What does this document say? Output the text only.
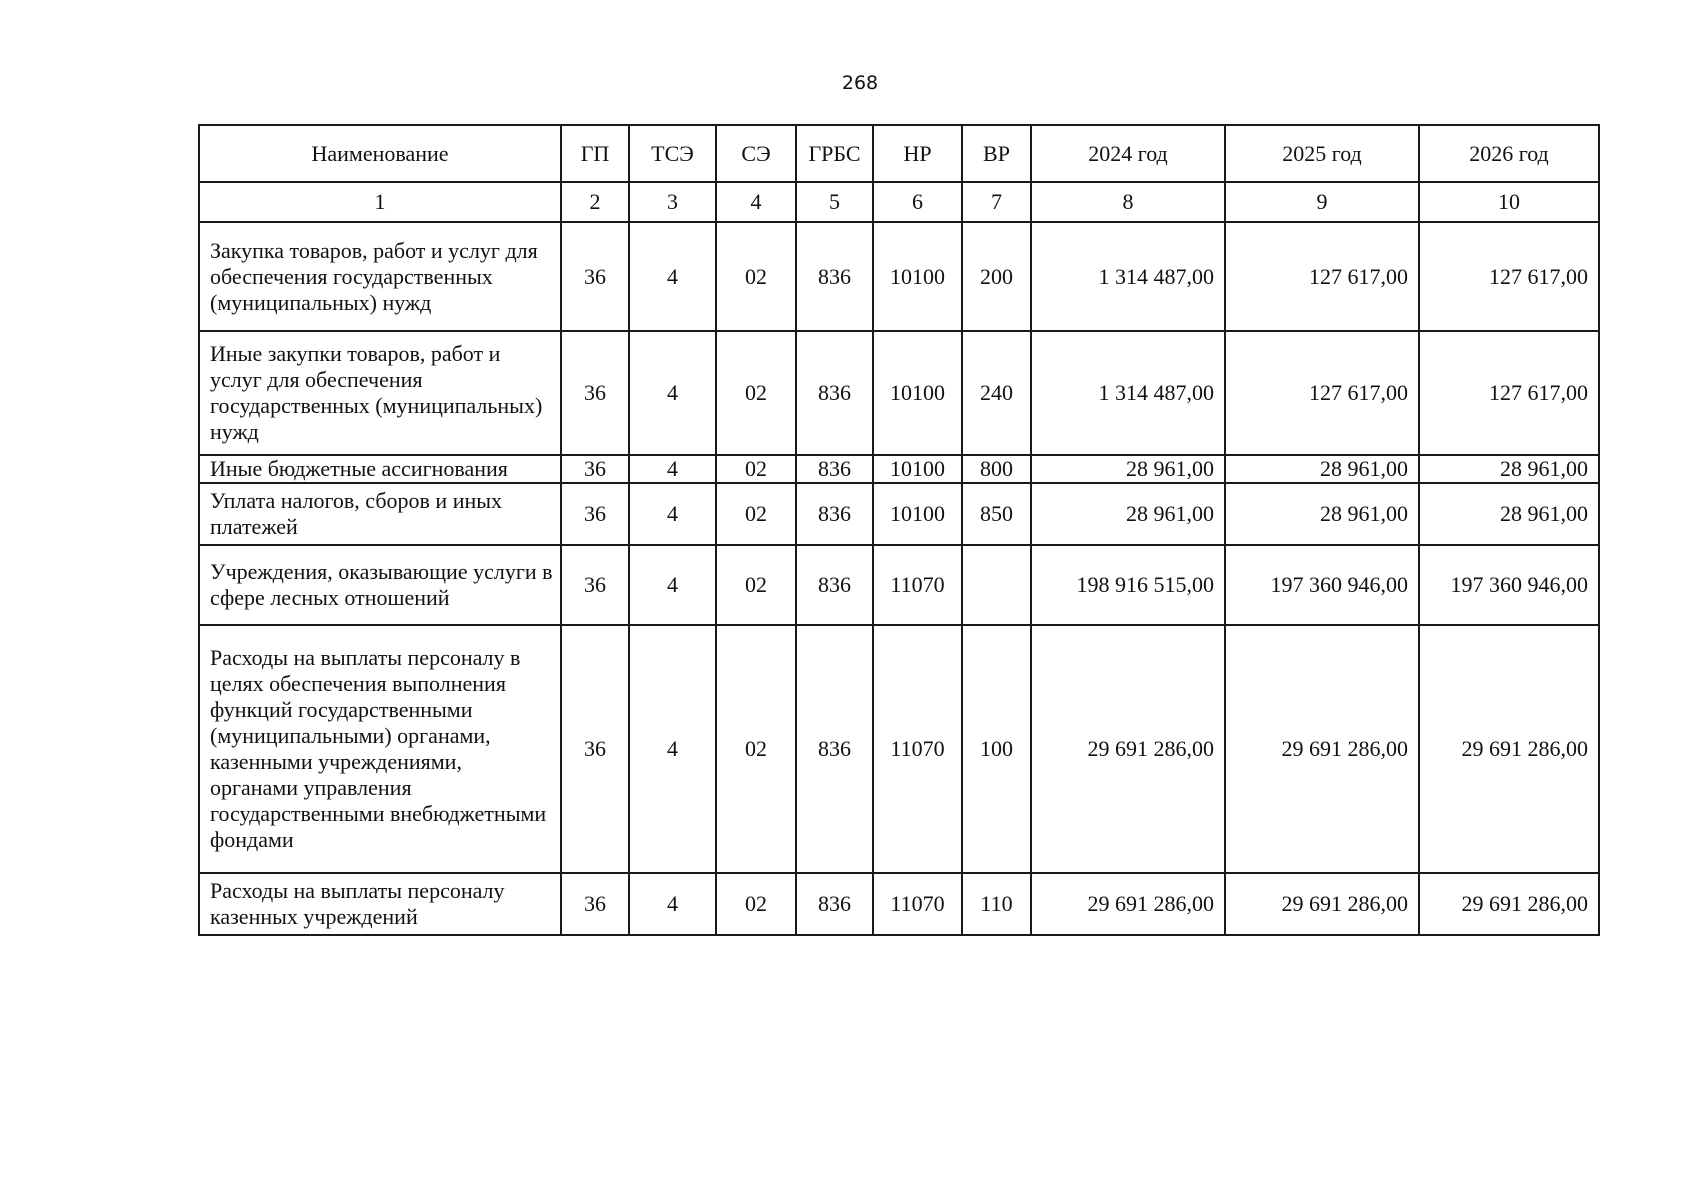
268
Наименование	ГП	ТСЭ	СЭ	ГРБС	НР	ВР	2024 год	2025 год	2026 год
1	2	3	4	5	6	7	8	9	10
Закупка товаров, работ и услуг для обеспечения государственных (муниципальных) нужд	36	4	02	836	10100	200	1 314 487,00	127 617,00	127 617,00
Иные закупки товаров, работ и услуг для обеспечения государственных (муниципальных) нужд	36	4	02	836	10100	240	1 314 487,00	127 617,00	127 617,00
Иные бюджетные ассигнования	36	4	02	836	10100	800	28 961,00	28 961,00	28 961,00
Уплата налогов, сборов и иных платежей	36	4	02	836	10100	850	28 961,00	28 961,00	28 961,00
Учреждения, оказывающие услуги в сфере лесных отношений	36	4	02	836	11070		198 916 515,00	197 360 946,00	197 360 946,00
Расходы на выплаты персоналу в целях обеспечения выполнения функций государственными (муниципальными) органами, казенными учреждениями, органами управления государственными внебюджетными фондами	36	4	02	836	11070	100	29 691 286,00	29 691 286,00	29 691 286,00
Расходы на выплаты персоналу казенных учреждений	36	4	02	836	11070	110	29 691 286,00	29 691 286,00	29 691 286,00
